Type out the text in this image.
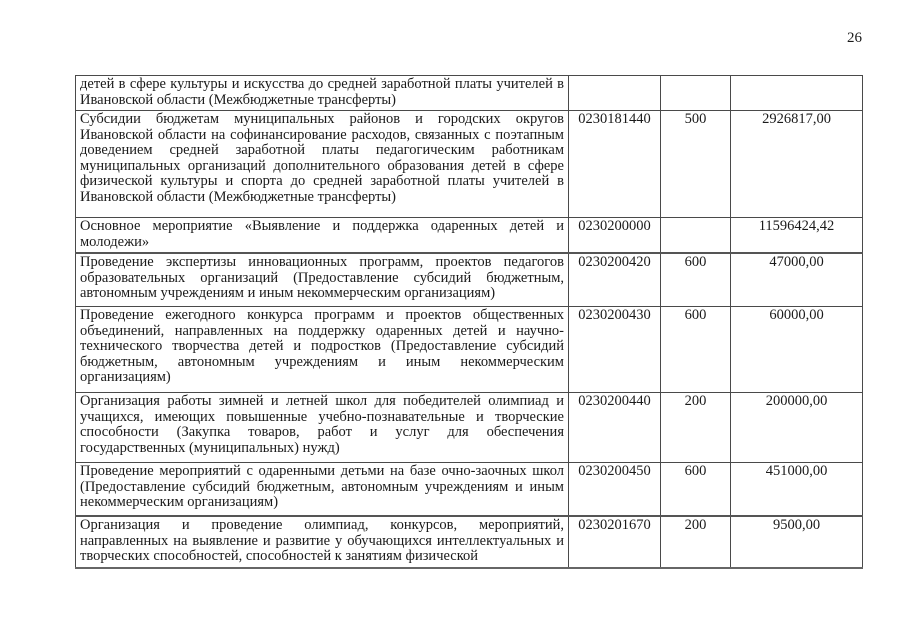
26
детей в сфере культуры и искусства до средней заработной платы учителей в Ивановской области (Межбюджетные трансферты)			
Субсидии бюджетам муниципальных районов и городских округов Ивановской области на софинансирование расходов, связанных с поэтапным доведением средней заработной платы педагогическим работникам муниципальных организаций дополнительного образования детей в сфере физической культуры и спорта до средней заработной платы учителей в Ивановской области (Межбюджетные трансферты)	0230181440	500	2926817,00
Основное мероприятие «Выявление и поддержка одаренных детей и молодежи»	0230200000		11596424,42
Проведение экспертизы инновационных программ, проектов педагогов образовательных организаций (Предоставление субсидий бюджетным, автономным учреждениям и иным некоммерческим организациям)	0230200420	600	47000,00
Проведение ежегодного конкурса программ и проектов общественных объединений, направленных на поддержку одаренных детей и научно-технического творчества детей и подростков (Предоставление субсидий бюджетным, автономным учреждениям и иным некоммерческим организациям)	0230200430	600	60000,00
Организация работы зимней и летней школ для победителей олимпиад и учащихся, имеющих повышенные учебно-познавательные и творческие способности (Закупка товаров, работ и услуг для обеспечения государственных (муниципальных) нужд)	0230200440	200	200000,00
Проведение мероприятий с одаренными детьми на базе очно-заочных школ (Предоставление субсидий бюджетным, автономным учреждениям и иным некоммерческим организациям)	0230200450	600	451000,00
Организация и проведение олимпиад, конкурсов, мероприятий, направленных на выявление и развитие у обучающихся интеллектуальных и творческих способностей, способностей к занятиям физической	0230201670	200	9500,00
